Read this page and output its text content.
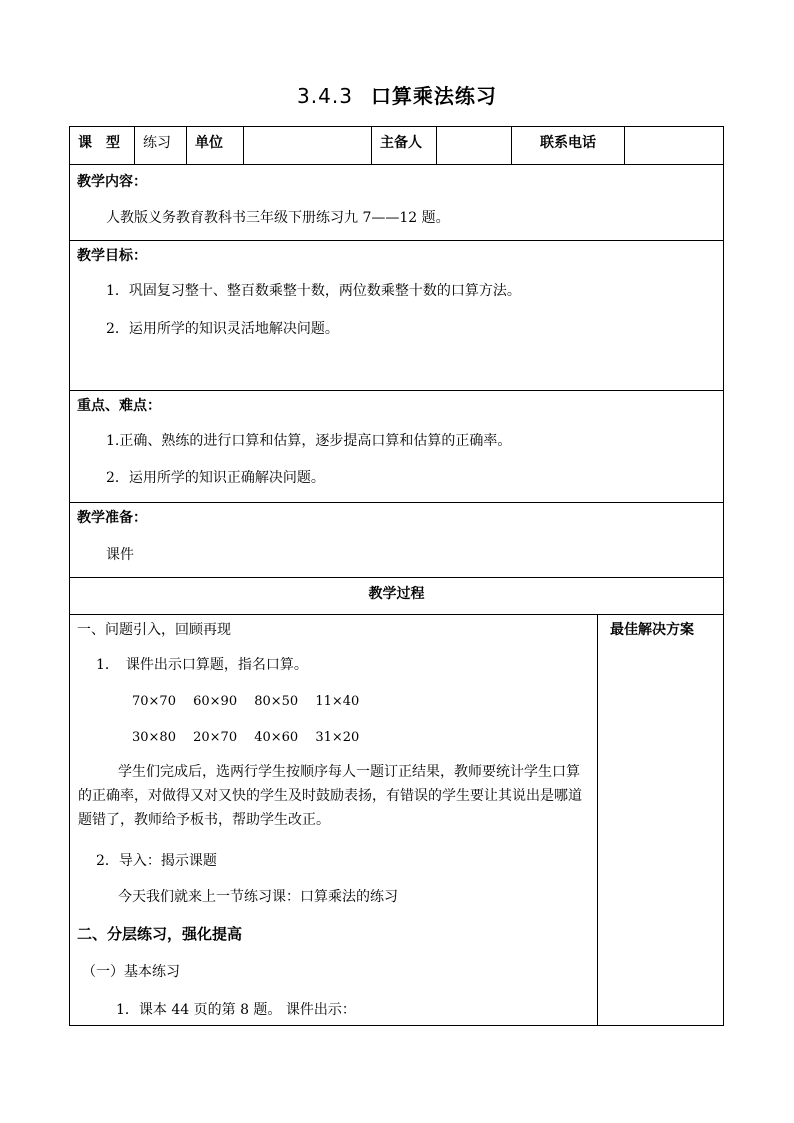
3.4.3 口算乘法练习
课　型	练习	单位	主备人	联系电话
教学内容：
人教版义务教育教科书三年级下册练习九 7——12 题。
教学目标：
1．巩固复习整十、整百数乘整十数，两位数乘整十数的口算方法。
2．运用所学的知识灵活地解决问题。
重点、难点：
1.正确、熟练的进行口算和估算，逐步提高口算和估算的正确率。
2．运用所学的知识正确解决问题。
教学准备：
课件
教学过程
最佳解决方案
一、问题引入，回顾再现
1．　课件出示口算题，指名口算。
70×70　 60×90　 80×50　 11×40
30×80　 20×70　 40×60　 31×20
学生们完成后，选两行学生按顺序每人一题订正结果，教师要统计学生口算的正确率，对做得又对又快的学生及时鼓励表扬，有错误的学生要让其说出是哪道题错了，教师给予板书，帮助学生改正。
2．导入：揭示课题
今天我们就来上一节练习课：口算乘法的练习
二、分层练习，强化提高
（一）基本练习
1．课本 44 页的第 8 题。 课件出示：
